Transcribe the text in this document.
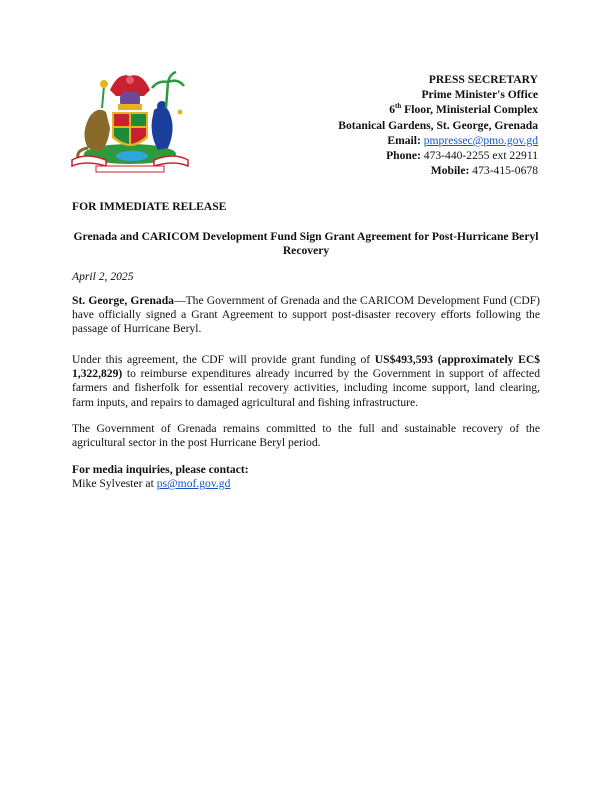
PRESS SECRETARY
Prime Minister's Office
6th Floor, Ministerial Complex
Botanical Gardens, St. George, Grenada
Email: pmpressec@pmo.gov.gd
Phone: 473-440-2255 ext 22911
Mobile: 473-415-0678
FOR IMMEDIATE RELEASE
Grenada and CARICOM Development Fund Sign Grant Agreement for Post-Hurricane Beryl Recovery
April 2, 2025
St. George, Grenada—The Government of Grenada and the CARICOM Development Fund (CDF) have officially signed a Grant Agreement to support post-disaster recovery efforts following the passage of Hurricane Beryl.
Under this agreement, the CDF will provide grant funding of US$493,593 (approximately EC$ 1,322,829) to reimburse expenditures already incurred by the Government in support of affected farmers and fisherfolk for essential recovery activities, including income support, land clearing, farm inputs, and repairs to damaged agricultural and fishing infrastructure.
The Government of Grenada remains committed to the full and sustainable recovery of the agricultural sector in the post Hurricane Beryl period.
For media inquiries, please contact:
Mike Sylvester at ps@mof.gov.gd
